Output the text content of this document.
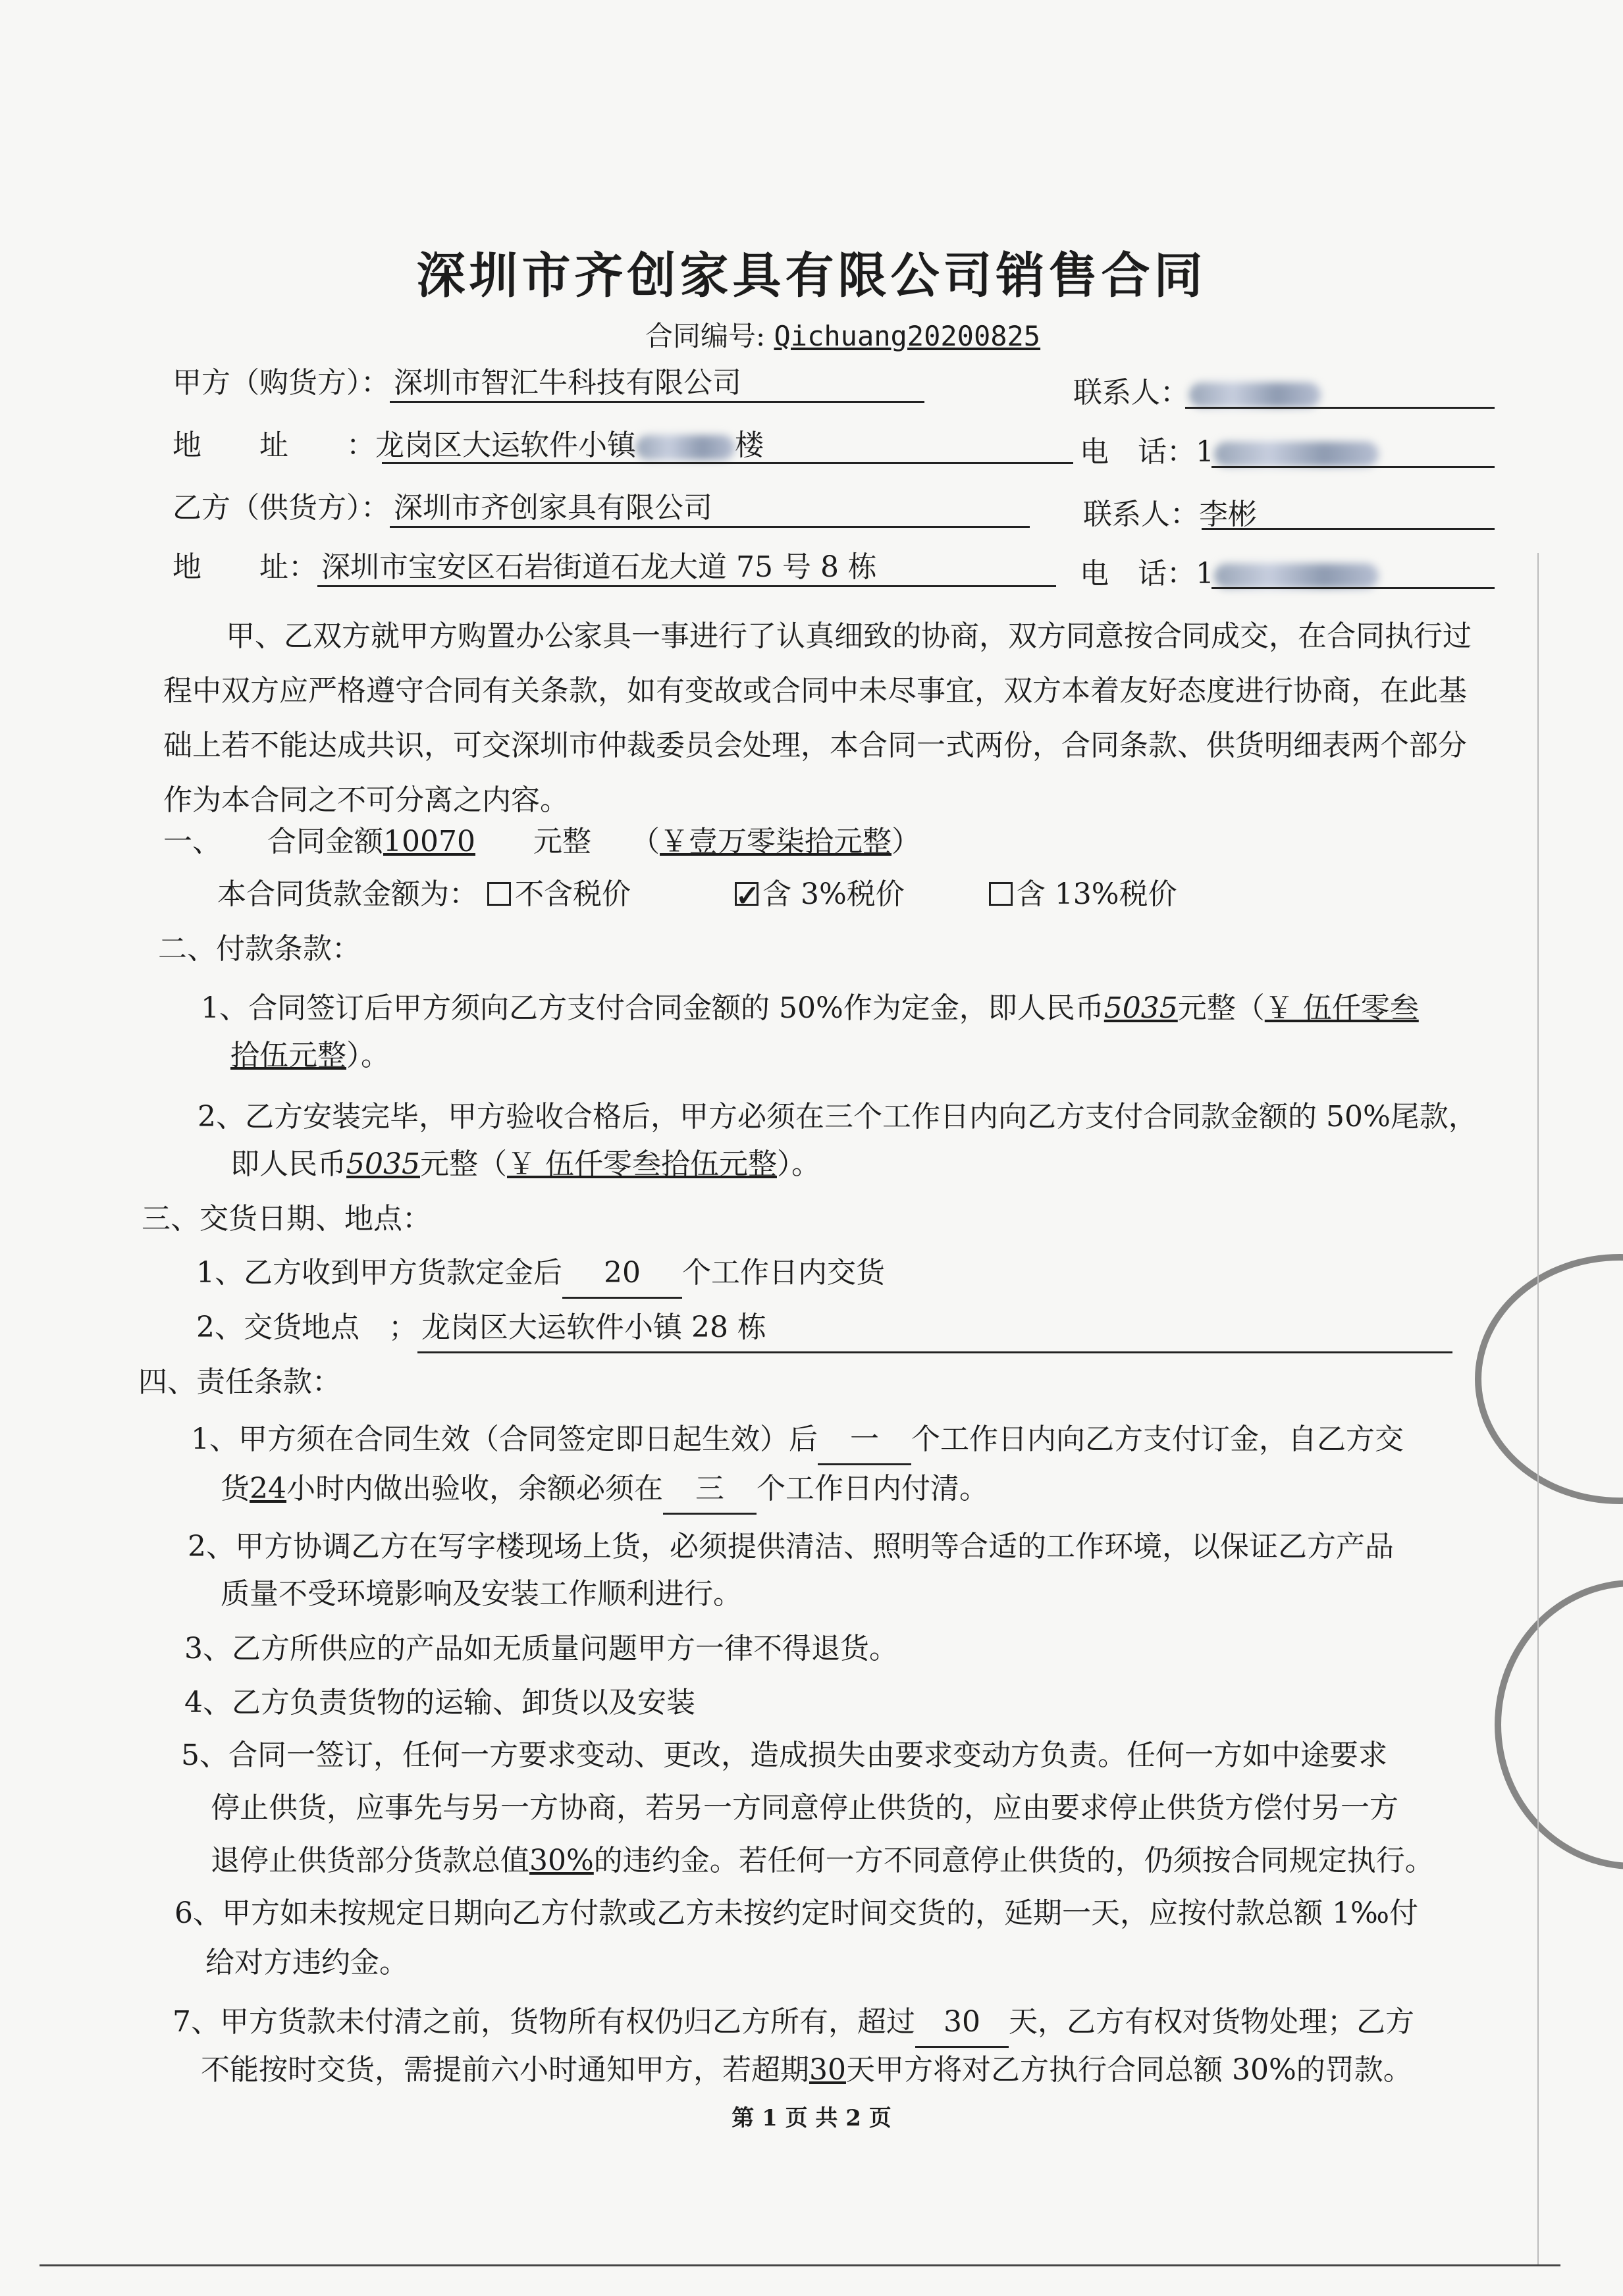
深圳市齐创家具有限公司销售合同
合同编号: Qichuang20200825
甲方（购货方）： 深圳市智汇牛科技有限公司	联系人：
地　　址　　：龙岗区大运软件小镇	楼	电　话：1
乙方（供货方）： 深圳市齐创家具有限公司	联系人：李彬
地　　址： 深圳市宝安区石岩街道石龙大道 75 号 8 栋	电　话：1
甲、乙双方就甲方购置办公家具一事进行了认真细致的协商，双方同意按合同成交，在合同执行过程中双方应严格遵守合同有关条款，如有变故或合同中未尽事宜，双方本着友好态度进行协商，在此基础上若不能达成共识，可交深圳市仲裁委员会处理，本合同一式两份，合同条款、供货明细表两个部分作为本合同之不可分离之内容。
一、 合同金额10070　　 元整 （￥壹万零柒拾元整）
本合同货款金额为： 不含税价  ✓	含 3%税价	含 13%税价
二、付款条款：
1、合同签订后甲方须向乙方支付合同金额的 50%作为定金，即人民币5035元整（￥ 伍仟零叁
拾伍元整）。
2、乙方安装完毕，甲方验收合格后，甲方必须在三个工作日内向乙方支付合同款金额的 50%尾款，
即人民币5035元整（￥ 伍仟零叁拾伍元整）。
三、交货日期、地点：
1、乙方收到甲方货款定金后 20 个工作日内交货
2、交货地点　； 龙岗区大运软件小镇 28 栋
四、责任条款：
1、甲方须在合同生效（合同签定即日起生效）后 一 个工作日内向乙方支付订金，自乙方交
货24小时内做出验收，余额必须在 三 个工作日内付清。
2、甲方协调乙方在写字楼现场上货，必须提供清洁、照明等合适的工作环境，以保证乙方产品
质量不受环境影响及安装工作顺利进行。
3、乙方所供应的产品如无质量问题甲方一律不得退货。
4、乙方负责货物的运输、卸货以及安装
5、合同一签订，任何一方要求变动、更改，造成损失由要求变动方负责。任何一方如中途要求
停止供货，应事先与另一方协商，若另一方同意停止供货的，应由要求停止供货方偿付另一方
退停止供货部分货款总值30%的违约金。若任何一方不同意停止供货的，仍须按合同规定执行。
6、甲方如未按规定日期向乙方付款或乙方未按约定时间交货的，延期一天，应按付款总额 1‰付
给对方违约金。
7、甲方货款未付清之前，货物所有权仍归乙方所有，超过 30 天，乙方有权对货物处理；乙方
不能按时交货，需提前六小时通知甲方，若超期30天甲方将对乙方执行合同总额 30%的罚款。
第 1 页 共 2 页
